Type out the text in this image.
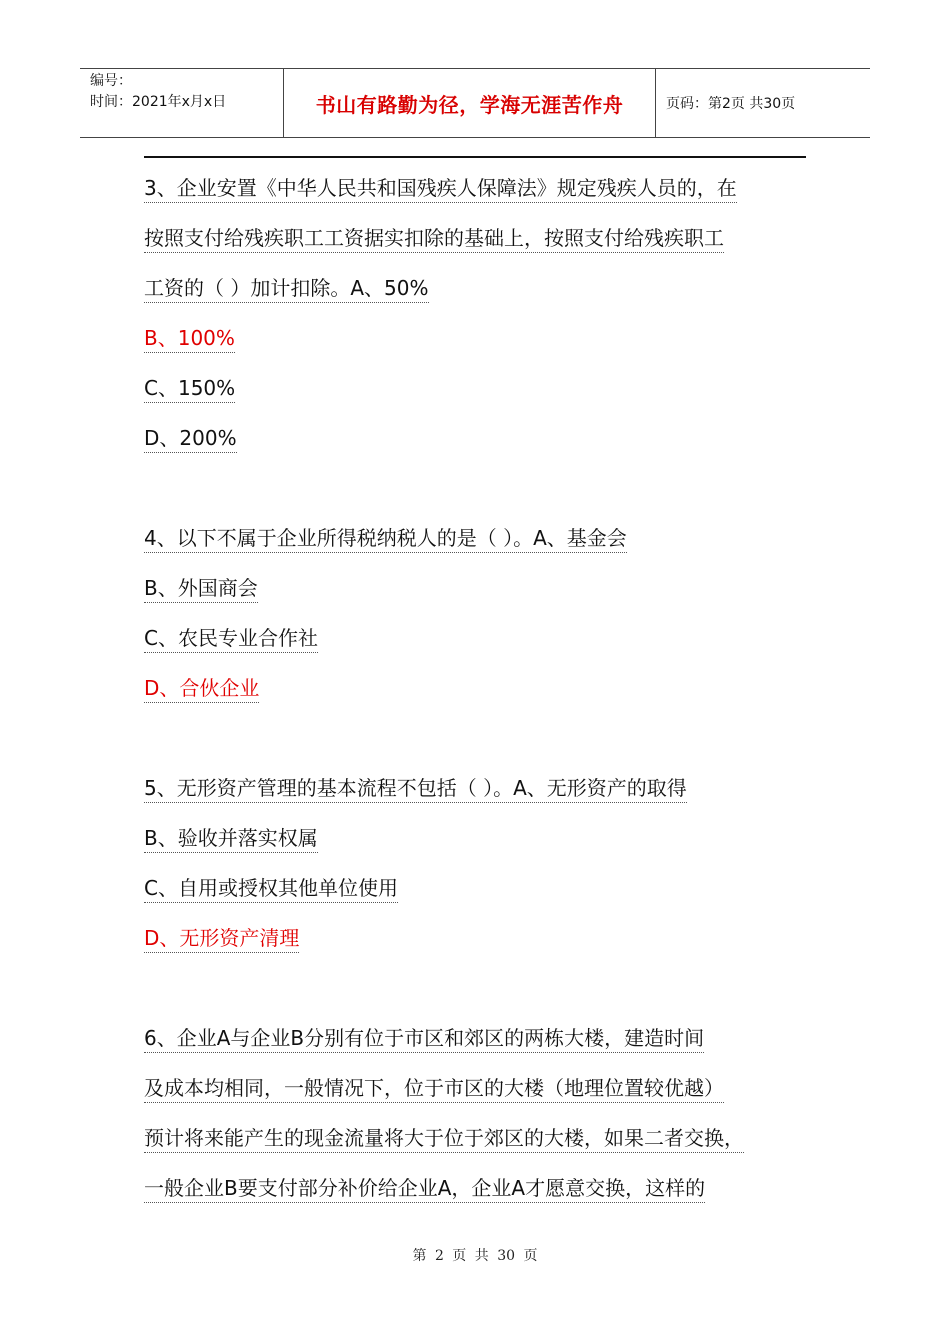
编号：
时间：2021年x月x日	书山有路勤为径，学海无涯苦作舟	页码：第2页 共30页
3、企业安置《中华人民共和国残疾人保障法》规定残疾人员的，在
按照支付给残疾职工工资据实扣除的基础上，按照支付给残疾职工
工资的（ ）加计扣除。A、50%
B、100%
C、150%
D、200%
4、以下不属于企业所得税纳税人的是（ ）。A、基金会
B、外国商会
C、农民专业合作社
D、合伙企业
5、无形资产管理的基本流程不包括（ ）。A、无形资产的取得
B、验收并落实权属
C、自用或授权其他单位使用
D、无形资产清理
6、企业A与企业B分别有位于市区和郊区的两栋大楼，建造时间
及成本均相同，一般情况下，位于市区的大楼（地理位置较优越）
预计将来能产生的现金流量将大于位于郊区的大楼，如果二者交换，
一般企业B要支付部分补价给企业A，企业A才愿意交换，这样的
第 2 页 共 30 页
